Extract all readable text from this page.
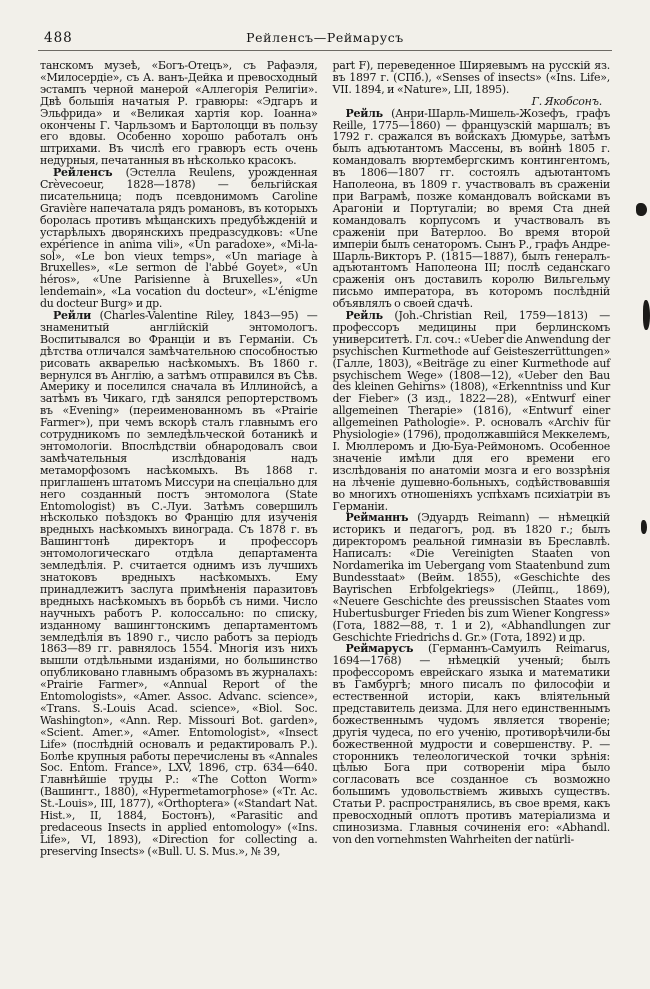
488	Рейленсъ—Реймарусъ

танскомъ музеѣ, «Богъ-Отецъ», съ Рафаэля, «Милосердіе», съ А. ванъ-Дейка и превосходный эстампъ черной манерой «Аллегорія Религіи». Двѣ большія начатыя Р. гравюры: «Эдгаръ и Эльфрида» и «Великая хартія кор. Іоанна» окончены Г. Чарльзомъ и Бартолоцци въ пользу его вдовы. Особенно хорошо работалъ онъ штрихами. Въ числѣ его гравюръ есть очень недурныя, печатанныя въ нѣсколько красокъ.

Рейленсъ (Эстелла Reulens, урожденная Crèvecoeur, 1828—1878) — бельгійская писательница; подъ псевдонимомъ Caroline Gravière напечатала рядъ романовъ, въ которыхъ боролась противъ мѣщанскихъ предубѣжденій и устарѣлыхъ дворянскихъ предразсудковъ: «Une expérience in anima vili», «Un paradoxe», «Mi-la-sol», «Le bon vieux temps», «Un mariage à Bruxelles», «Le sermon de l'abbé Goyet», «Un héros», «Une Parisienne à Bruxelles», «Un lendemain», «La vocation du docteur», «L'énigme du docteur Burg» и др.

Рейли (Charles-Valentine Riley, 1843—95) — знаменитый англійскій энтомологъ. Воспитывался во Франціи и въ Германіи. Съ дѣтства отличался замѣчательною способностью рисовать акварелью насѣкомыхъ. Въ 1860 г. вернулся въ Англію, а затѣмъ отправился въ Сѣв. Америку и поселился сначала въ Иллинойсѣ, а затѣмъ въ Чикаго, гдѣ занялся репортерствомъ въ «Evening» (переименованномъ въ «Prairie Farmer»), при чемъ вскорѣ сталъ главнымъ его сотрудникомъ по земледѣльческой ботаникѣ и энтомологіи. Впослѣдствіи обнародовалъ свои замѣчательныя изслѣдованія надъ метаморфозомъ насѣкомыхъ. Въ 1868 г. приглашенъ штатомъ Миссури на спеціально для него созданный постъ энтомолога (State Entomologist) въ С.-Луи. Затѣмъ совершилъ нѣсколько поѣздокъ во Францію для изученія вредныхъ насѣкомыхъ винограда. Съ 1878 г. въ Вашингтонѣ директоръ и профессоръ энтомологическаго отдѣла департамента земледѣлія. Р. считается однимъ изъ лучшихъ знатоковъ вредныхъ насѣкомыхъ. Ему принадлежитъ заслуга примѣненія паразитовъ вредныхъ насѣкомыхъ въ борьбѣ съ ними. Число научныхъ работъ Р. колоссально: по списку, изданному вашингтонскимъ департаментомъ земледѣлія въ 1890 г., число работъ за періодъ 1863—89 гг. равнялось 1554. Многія изъ нихъ вышли отдѣльными изданіями, но большинство опубликовано главнымъ образомъ въ журналахъ: «Prairie Farmer», «Annual Report of the Entomologists», «Amer. Assoc. Advanc. science», «Trans. S.-Louis Acad. science», «Biol. Soc. Washington», «Ann. Rep. Missouri Bot. garden», «Scient. Amer.», «Amer. Entomologist», «Insect Life» (послѣдній основалъ и редактировалъ Р.). Болѣе крупныя работы перечислены въ «Annales Soc. Entom. France», LXV, 1896, стр. 634—640. Главнѣйшіе труды Р.: «The Cotton Worm» (Вашингт., 1880), «Hypermetamorphose» («Tr. Ac. St.-Louis», III, 1877), «Orthoptera» («Standart Nat. Hist.», II, 1884, Бостонъ), «Parasitic and predaceous Insects in applied entomology» («Ins. Life», VI, 1893), «Direction for collecting a. preserving Insects» («Bull. U. S. Mus.», № 39,

part F), переведенное Ширяевымъ на русскій яз. въ 1897 г. (СПб.), «Senses of insects» («Ins. Life», VII. 1894, и «Nature», LII, 1895).

Г. Якобсонъ.

Рейль (Анри-Шарль-Мишель-Жозефъ, графъ Reille, 1775—1860) — французскій маршалъ; въ 1792 г. сражался въ войскахъ Дюмурье, затѣмъ былъ адъютантомъ Массены, въ войнѣ 1805 г. командовалъ вюртембергскимъ контингентомъ, въ 1806—1807 гг. состоялъ адъютантомъ Наполеона, въ 1809 г. участвовалъ въ сраженіи при Ваграмѣ, позже командовалъ войсками въ Арагоніи и Португаліи; во время Ста дней командовалъ корпусомъ и участвовалъ въ сраженіи при Ватерлоо. Во время второй имперіи былъ сенаторомъ. Сынъ Р., графъ Андре-Шарль-Викторъ Р. (1815—1887), былъ генералъ-адъютантомъ Наполеона III; послѣ седанскаго сраженія онъ доставилъ королю Вильгельму письмо императора, въ которомъ послѣдній объявлялъ о своей сдачѣ.

Рейль (Joh.-Christian Reil, 1759—1813) — профессоръ медицины при берлинскомъ университетѣ. Гл. соч.: «Ueber die Anwendung der psychischen Kurmethode auf Geisteszerrüttungen» (Галле, 1803), «Beiträge zu einer Kurmethode auf psychischem Wege» (1808—12), «Ueber den Bau des kleinen Gehirns» (1808), «Erkenntniss und Kur der Fieber» (3 изд., 1822—28), «Entwurf einer allgemeinen Therapie» (1816), «Entwurf einer allgemeinen Pathologie». Р. основалъ «Archiv für Physiologie» (1796), продолжавшійся Меккелемъ, І. Мюллеромъ и Дю-Буа-Реймономъ. Особенное значеніе имѣли для его времени его изслѣдованія по анатоміи мозга и его воззрѣнія на лѣченіе душевно-больныхъ, содѣйствовавшія во многихъ отношеніяхъ успѣхамъ психіатріи въ Германіи.

Рейманнъ (Эдуардъ Reimann) — нѣмецкій историкъ и педагогъ, род. въ 1820 г.; былъ директоромъ реальной гимназіи въ Бреславлѣ. Написалъ: «Die Vereinigten Staaten von Nordamerika im Uebergang vom Staatenbund zum Bundesstaat» (Вейм. 1855), «Geschichte des Bayrischen Erbfolgekriegs» (Лейпц., 1869), «Neuere Geschichte des preussischen Staates vom Hubertusburger Frieden bis zum Wiener Kongress» (Гота, 1882—88, т. 1 и 2), «Abhandlungen zur Geschichte Friedrichs d. Gr.» (Гота, 1892) и др.

Реймарусъ (Германнъ-Самуилъ Reimarus, 1694—1768) — нѣмецкій ученый; былъ профессоромъ еврейскаго языка и математики въ Гамбургѣ; много писалъ по философіи и естественной исторіи, какъ вліятельный представитель деизма. Для него единственнымъ божественнымъ чудомъ является твореніе; другія чудеса, по его ученію, противорѣчили-бы божественной мудрости и совершенству. Р. — сторонникъ телеологической точки зрѣнія: цѣлью Бога при сотвореніи міра было согласовать все созданное съ возможно большимъ удовольствіемъ живыхъ существъ. Статьи Р. распространялись, въ свое время, какъ превосходный оплотъ противъ матеріализма и спинозизма. Главныя сочиненія его: «Abhandl. von den vornehmsten Wahrheiten der natürli-
